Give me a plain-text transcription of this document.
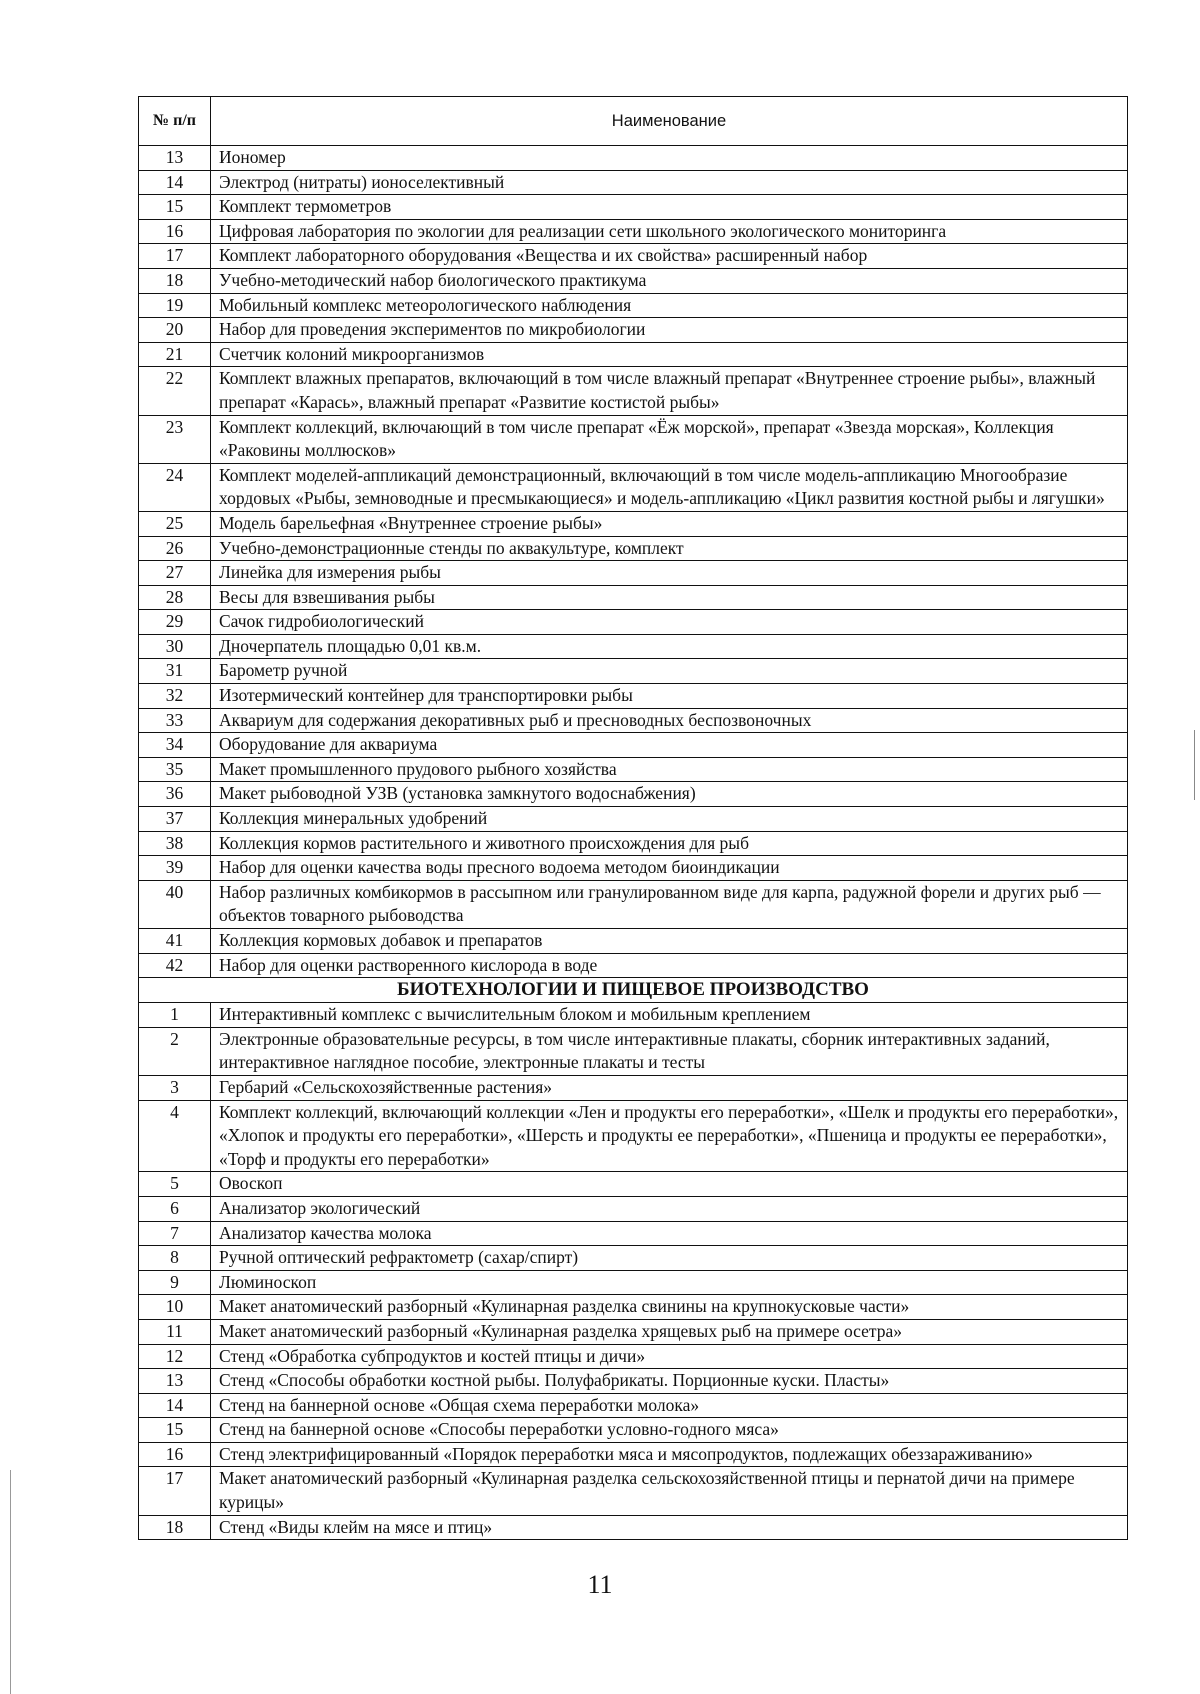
№ п/п	Наименование
13	Иономер
14	Электрод (нитраты) ионоселективный
15	Комплект термометров
16	Цифровая лаборатория по экологии для реализации сети школьного экологического мониторинга
17	Комплект лабораторного оборудования «Вещества и их свойства» расширенный набор
18	Учебно-методический набор биологического практикума
19	Мобильный комплекс метеорологического наблюдения
20	Набор для проведения экспериментов по микробиологии
21	Счетчик колоний микроорганизмов
22	Комплект влажных препаратов, включающий в том числе влажный препарат «Внутреннее строение рыбы», влажный препарат «Карась», влажный препарат «Развитие костистой рыбы»
23	Комплект коллекций, включающий в том числе препарат «Ёж морской», препарат «Звезда морская», Коллекция «Раковины моллюсков»
24	Комплект моделей-аппликаций демонстрационный, включающий в том числе модель-аппликацию Многообразие хордовых «Рыбы, земноводные и пресмыкающиеся» и модель-аппликацию «Цикл развития костной рыбы и лягушки»
25	Модель барельефная «Внутреннее строение рыбы»
26	Учебно-демонстрационные стенды по аквакультуре, комплект
27	Линейка для измерения рыбы
28	Весы для взвешивания рыбы
29	Сачок гидробиологический
30	Дночерпатель площадью 0,01 кв.м.
31	Барометр ручной
32	Изотермический контейнер для транспортировки рыбы
33	Аквариум для содержания декоративных рыб и пресноводных беспозвоночных
34	Оборудование для аквариума
35	Макет промышленного прудового рыбного хозяйства
36	Макет рыбоводной УЗВ (установка замкнутого водоснабжения)
37	Коллекция минеральных удобрений
38	Коллекция кормов растительного и животного происхождения для рыб
39	Набор для оценки качества воды пресного водоема методом биоиндикации
40	Набор различных комбикормов в рассыпном или гранулированном виде для карпа, радужной форели и других рыб — объектов товарного рыбоводства
41	Коллекция кормовых добавок и препаратов
42	Набор для оценки растворенного кислорода в воде
БИОТЕХНОЛОГИИ И ПИЩЕВОЕ ПРОИЗВОДСТВО	
1	Интерактивный комплекс с вычислительным блоком и мобильным креплением
2	Электронные образовательные ресурсы, в том числе интерактивные плакаты, сборник интерактивных заданий, интерактивное наглядное пособие, электронные плакаты и тесты
3	Гербарий «Сельскохозяйственные растения»
4	Комплект коллекций, включающий коллекции «Лен и продукты его переработки», «Шелк и продукты его переработки», «Хлопок и продукты его переработки», «Шерсть и продукты ее переработки», «Пшеница и продукты ее переработки», «Торф и продукты его переработки»
5	Овоскоп
6	Анализатор экологический
7	Анализатор качества молока
8	Ручной оптический рефрактометр (сахар/спирт)
9	Люминоскоп
10	Макет анатомический разборный «Кулинарная разделка свинины на крупнокусковые части»
11	Макет анатомический разборный «Кулинарная разделка хрящевых рыб на примере осетра»
12	Стенд «Обработка субпродуктов и костей птицы и дичи»
13	Стенд «Способы обработки костной рыбы. Полуфабрикаты. Порционные куски. Пласты»
14	Стенд на баннерной основе «Общая схема переработки молока»
15	Стенд на баннерной основе «Способы переработки условно-годного мяса»
16	Стенд электрифицированный «Порядок переработки мяса и мясопродуктов, подлежащих обеззараживанию»
17	Макет анатомический разборный «Кулинарная разделка сельскохозяйственной птицы и пернатой дичи на примере курицы»
18	Стенд «Виды клейм на мясе и птиц»
11
